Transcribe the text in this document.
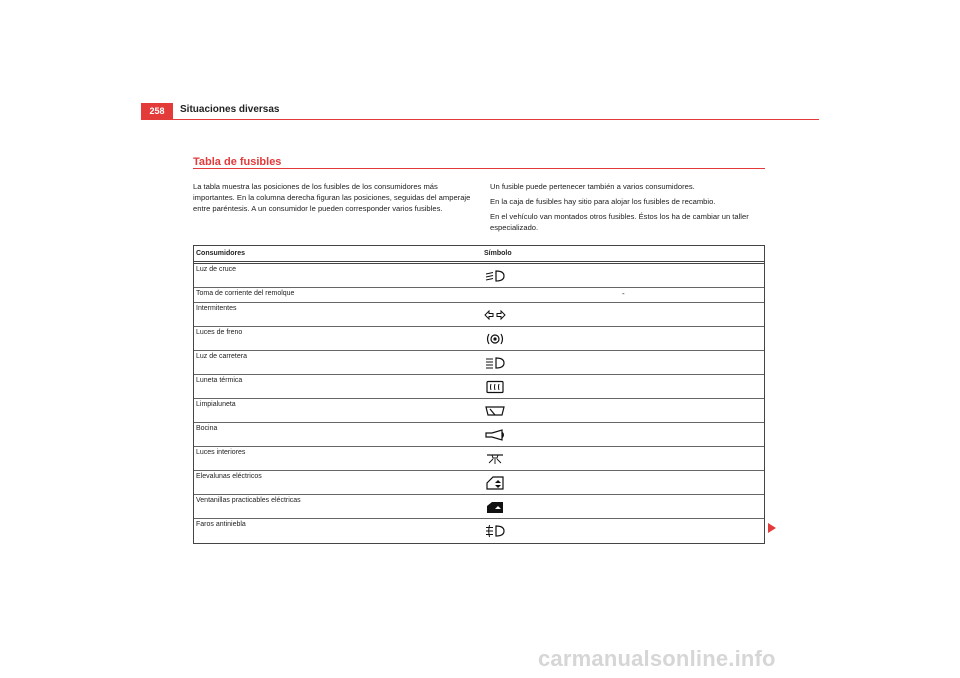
258	Situaciones diversas
Tabla de fusibles

La tabla muestra las posiciones de los fusibles de los consumidores más importantes. En la columna derecha figuran las posiciones, seguidas del amperaje entre paréntesis. A un consumidor le pueden corresponder varios fusibles.

Un fusible puede pertenecer también a varios consumidores.

En la caja de fusibles hay sitio para alojar los fusibles de recambio.

En el vehículo van montados otros fusibles. Éstos los ha de cambiar un taller especializado.

Consumidores	Símbolo
Luz de cruce
Toma de corriente del remolque	-
Intermitentes
Luces de freno
Luz de carretera
Luneta térmica
Limpialuneta
Bocina
Luces interiores
Elevalunas eléctricos
Ventanillas practicables eléctricas
Faros antiniebla
carmanualsonline.info
